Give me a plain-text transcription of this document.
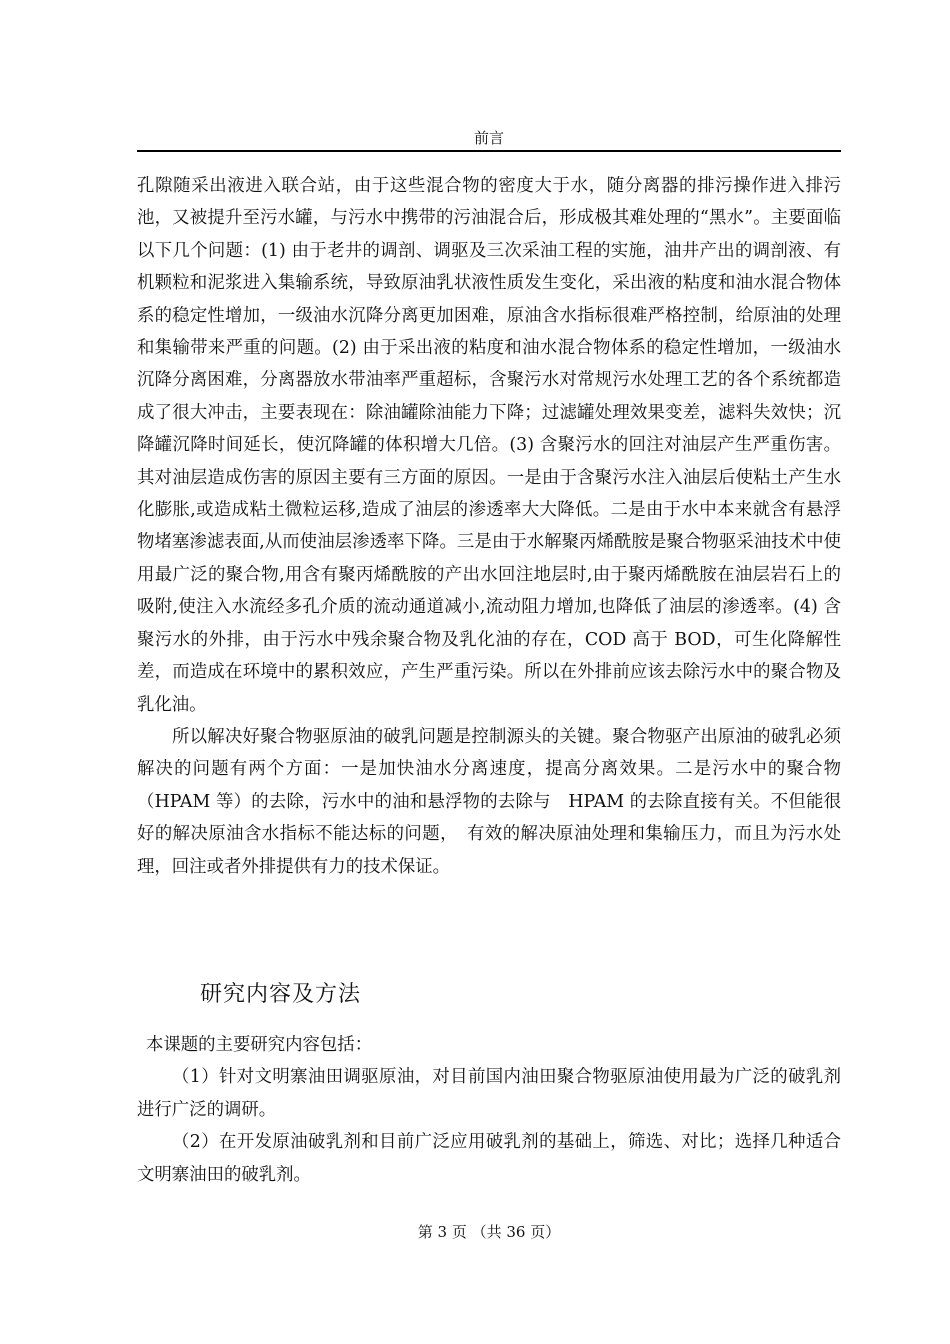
前言

孔隙随采出液进入联合站，由于这些混合物的密度大于水，随分离器的排污操作进入排污池，又被提升至污水罐，与污水中携带的污油混合后，形成极其难处理的“黑水”。主要面临以下几个问题：(1) 由于老井的调剖、调驱及三次采油工程的实施，油井产出的调剖液、有机颗粒和泥浆进入集输系统，导致原油乳状液性质发生变化，采出液的粘度和油水混合物体系的稳定性增加，一级油水沉降分离更加困难，原油含水指标很难严格控制，给原油的处理和集输带来严重的问题。(2) 由于采出液的粘度和油水混合物体系的稳定性增加，一级油水沉降分离困难，分离器放水带油率严重超标，含聚污水对常规污水处理工艺的各个系统都造成了很大冲击，主要表现在：除油罐除油能力下降；过滤罐处理效果变差，滤料失效快；沉降罐沉降时间延长，使沉降罐的体积增大几倍。(3) 含聚污水的回注对油层产生严重伤害。其对油层造成伤害的原因主要有三方面的原因。一是由于含聚污水注入油层后使粘土产生水化膨胀,或造成粘土微粒运移,造成了油层的渗透率大大降低。二是由于水中本来就含有悬浮物堵塞渗滤表面,从而使油层渗透率下降。三是由于水解聚丙烯酰胺是聚合物驱采油技术中使用最广泛的聚合物,用含有聚丙烯酰胺的产出水回注地层时,由于聚丙烯酰胺在油层岩石上的吸附,使注入水流经多孔介质的流动通道减小,流动阻力增加,也降低了油层的渗透率。(4) 含聚污水的外排，由于污水中残余聚合物及乳化油的存在，COD 高于 BOD，可生化降解性差，而造成在环境中的累积效应，产生严重污染。所以在外排前应该去除污水中的聚合物及乳化油。

所以解决好聚合物驱原油的破乳问题是控制源头的关键。聚合物驱产出原油的破乳必须解决的问题有两个方面：一是加快油水分离速度，提高分离效果。二是污水中的聚合物（HPAM 等）的去除，污水中的油和悬浮物的去除与　HPAM 的去除直接有关。不但能很好的解决原油含水指标不能达标的问题，　有效的解决原油处理和集输压力，而且为污水处理，回注或者外排提供有力的技术保证。

研究内容及方法

本课题的主要研究内容包括：

（1）针对文明寨油田调驱原油，对目前国内油田聚合物驱原油使用最为广泛的破乳剂进行广泛的调研。

（2）在开发原油破乳剂和目前广泛应用破乳剂的基础上，筛选、对比；选择几种适合文明寨油田的破乳剂。

第 3 页 （共 36 页）
